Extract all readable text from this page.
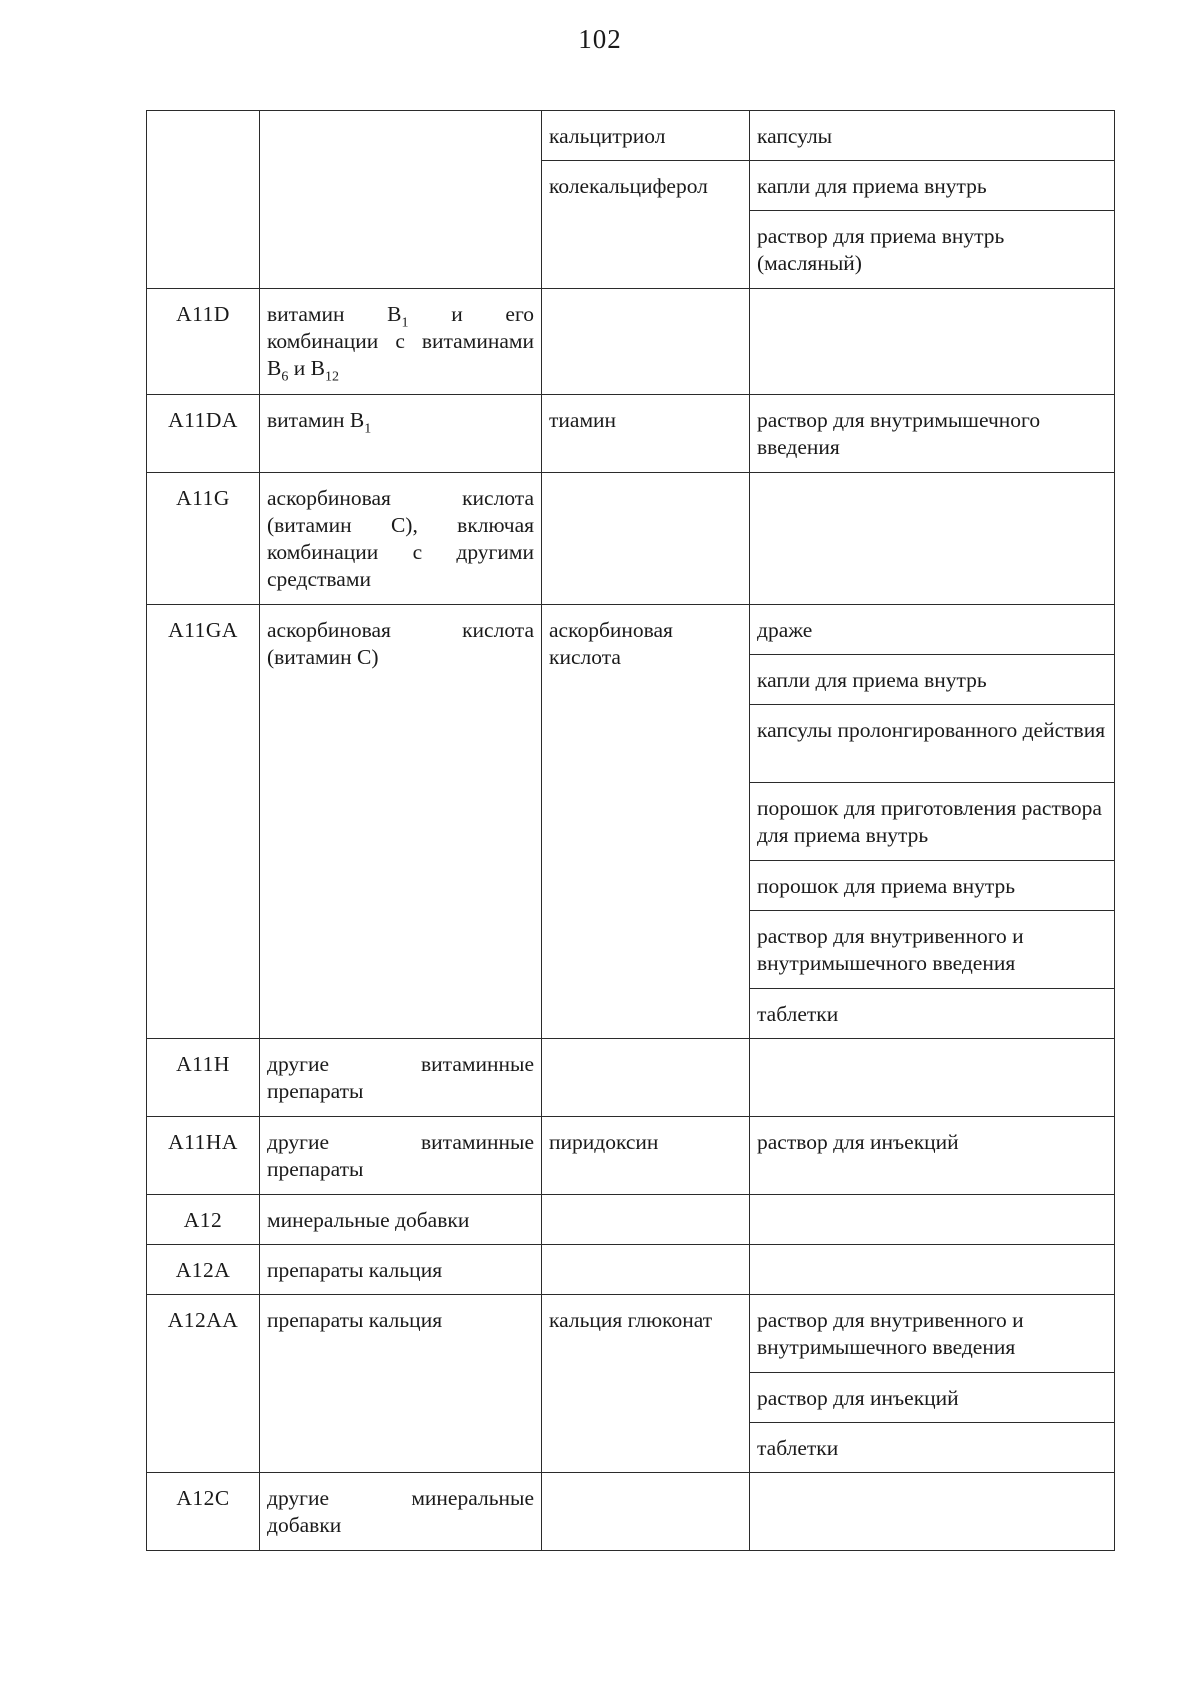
102
		кальцитриол	капсулы
		колекальциферол	капли для приема внутрь
			раствор для приема внутрь (масляный)
A11D	витамин $B_1$ и его комбинации с витаминами $B_6$ и $B_{12}$		
A11DA	витамин $B_1$	тиамин	раствор для внутримышечного введения
A11G	аскорбиновая кислота (витамин C), включая комбинации с другими средствами		
A11GA	аскорбиновая кислота (витамин C)	аскорбиновая кислота	драже
			капли для приема внутрь
			капсулы пролонгированного действия
			порошок для приготовления раствора для приема внутрь
			порошок для приема внутрь
			раствор для внутривенного и внутримышечного введения
			таблетки
A11H	другие витаминные препараты		
A11HA	другие витаминные препараты	пиридоксин	раствор для инъекций
A12	минеральные добавки		
A12A	препараты кальция		
A12AA	препараты кальция	кальция глюконат	раствор для внутривенного и внутримышечного введения
			раствор для инъекций
			таблетки
A12C	другие минеральные добавки		
